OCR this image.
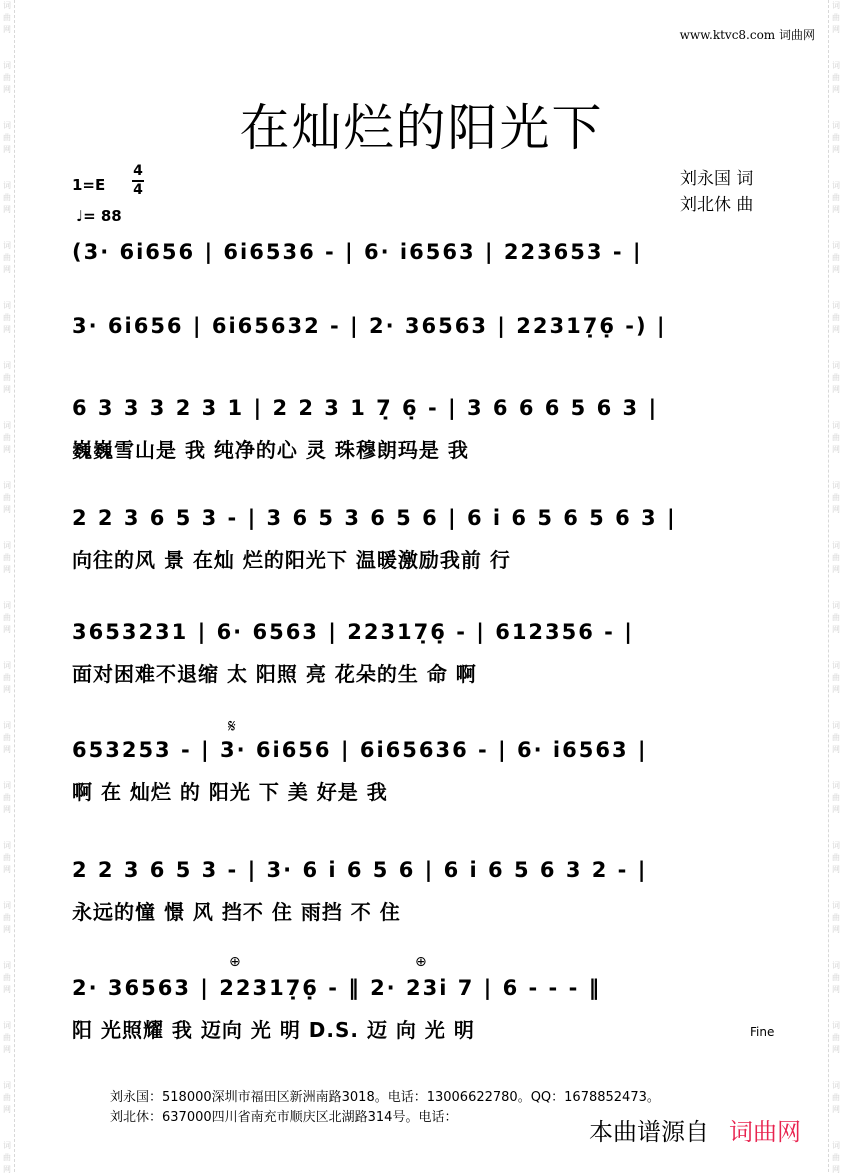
词
曲
网
词
曲
网
词
曲
网
词
曲
网
词
曲
网
词
曲
网
词
曲
网
词
曲
网
词
曲
网
词
曲
网
词
曲
网
词
曲
网
词
曲
网
词
曲
网
词
曲
网
词
曲
网
词
曲
网
词
曲
网
词
曲
网
词
曲
网
词
曲
网
词
曲
网
词
曲
网
词
曲
网
词
曲
网
词
曲
网
词
曲
网
词
曲
网
词
曲
网
词
曲
网
词
曲
网
词
曲
网
词
曲
网
词
曲
网
词
曲
网
词
曲
网
词
曲
网
词
曲
网
词
曲
网
词
曲
网
www.ktvc8.com 词曲网
在灿烂的阳光下
1=E
4
4
♩= 88
刘永国 词
刘北休 曲
(3· 6i656 | 6i6536 - | 6· i6563 | 223653 - |
3· 6i656 | 6i65632 - | 2· 36563 | 22317̣6̣ -) |
6 3 3 3 2 3 1 | 2 2 3 1 7̣ 6̣ - | 3 6 6 6 5 6 3 |
巍巍雪山是 我 纯净的心 灵 珠穆朗玛是 我
2 2 3 6 5 3 - | 3 6 5 3 6 5 6 | 6 i 6 5 6 5 6 3 |
向往的风 景 在灿 烂的阳光下 温暖激励我前 行
3653231 | 6· 6563 | 22317̣6̣ - | 612356 - |
面对困难不退缩 太 阳照 亮 花朵的生 命 啊
653253 - | 3· 6i656 | 6i65636 - | 6· i6563 |
啊 在 灿烂 的 阳光 下 美 好是 我
2 2 3 6 5 3 - | 3· 6 i 6 5 6 | 6 i 6 5 6 3 2 - |
永远的憧 憬 风 挡不 住 雨挡 不 住
2· 36563 | 22317̣6̣ - ‖ 2· 23i 7 | 6 - - - ‖
阳 光照耀 我 迈向 光 明 D.S. 迈 向 光 明
𝄋
⊕	⊕
Fine
刘永国：518000深圳市福田区新洲南路3018。电话：13006622780。QQ：1678852473。
刘北休：637000四川省南充市顺庆区北湖路314号。电话：
本曲谱源自 词曲网
